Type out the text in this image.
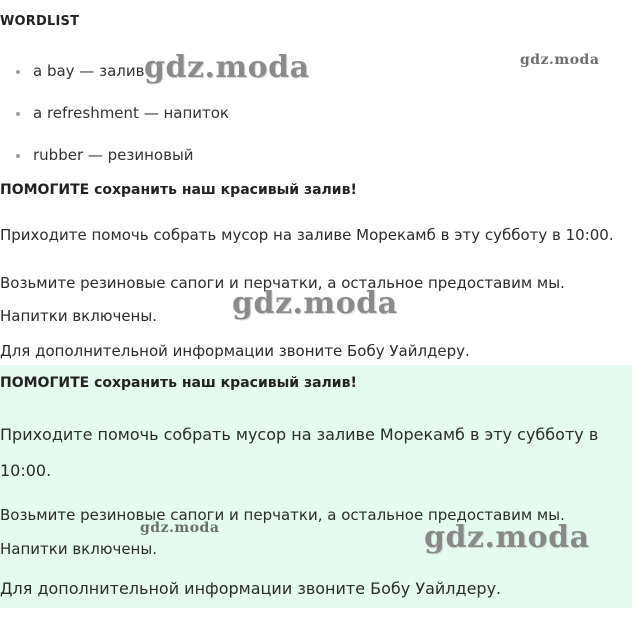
WORDLIST
a bay — залив
a refreshment — напиток
rubber — резиновый
ПОМОГИТЕ сохранить наш красивый залив!

Приходите помочь собрать мусор на заливе Морекамб в эту субботу в 10:00.

Возьмите резиновые сапоги и перчатки, а остальное предоставим мы.
Напитки включены.

Для дополнительной информации звоните Бобу Уайлдеру.

ПОМОГИТЕ сохранить наш красивый залив!

Приходите помочь собрать мусор на заливе Морекамб в эту субботу в 10:00.

Возьмите резиновые сапоги и перчатки, а остальное предоставим мы. Напитки включены.

Для дополнительной информации звоните Бобу Уайлдеру.

gdz.moda	gdz.moda
gdz.moda
gdz.moda	gdz.moda
